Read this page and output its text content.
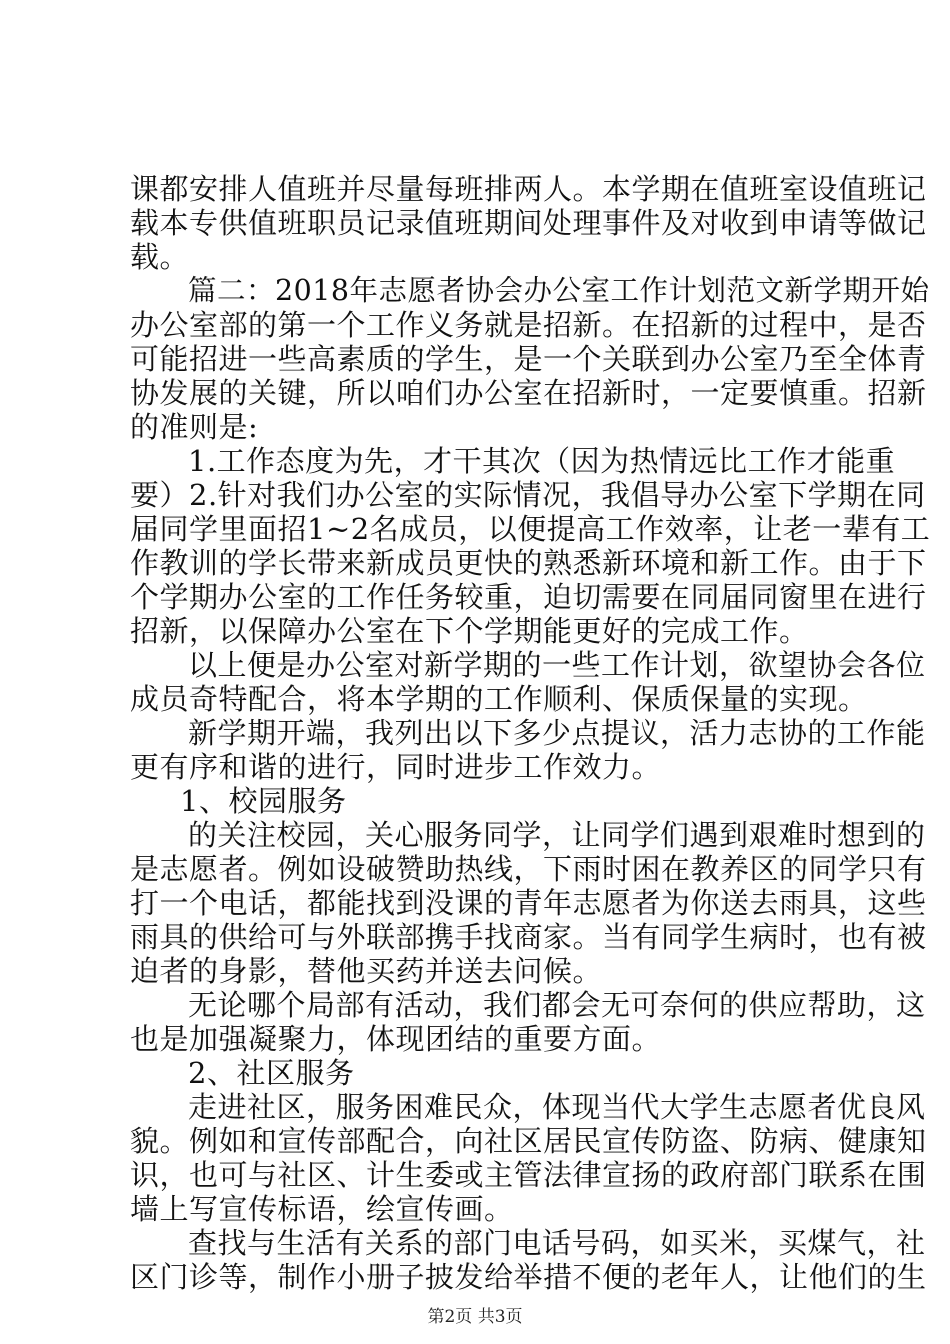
课都安排人值班并尽量每班排两人。本学期在值班室设值班记
载本专供值班职员记录值班期间处理事件及对收到申请等做记
载。
篇二：2018年志愿者协会办公室工作计划范文新学期开始
办公室部的第一个工作义务就是招新。在招新的过程中，是否
可能招进一些高素质的学生，是一个关联到办公室乃至全体青
协发展的关键，所以咱们办公室在招新时，一定要慎重。招新
的准则是:
1.工作态度为先，才干其次（因为热情远比工作才能重
要）2.针对我们办公室的实际情况，我倡导办公室下学期在同
届同学里面招1~2名成员，以便提高工作效率，让老一辈有工
作教训的学长带来新成员更快的熟悉新环境和新工作。由于下
个学期办公室的工作任务较重，迫切需要在同届同窗里在进行
招新，以保障办公室在下个学期能更好的完成工作。
以上便是办公室对新学期的一些工作计划，欲望协会各位
成员奇特配合，将本学期的工作顺利、保质保量的实现。
新学期开端，我列出以下多少点提议，活力志协的工作能
更有序和谐的进行，同时进步工作效力。
1、校园服务
的关注校园，关心服务同学，让同学们遇到艰难时想到的
是志愿者。例如设破赞助热线，下雨时困在教养区的同学只有
打一个电话，都能找到没课的青年志愿者为你送去雨具，这些
雨具的供给可与外联部携手找商家。当有同学生病时，也有被
迫者的身影，替他买药并送去问候。
无论哪个局部有活动，我们都会无可奈何的供应帮助，这
也是加强凝聚力，体现团结的重要方面。
2、社区服务
走进社区，服务困难民众，体现当代大学生志愿者优良风
貌。例如和宣传部配合，向社区居民宣传防盗、防病、健康知
识，也可与社区、计生委或主管法律宣扬的政府部门联系在围
墙上写宣传标语，绘宣传画。
查找与生活有关系的部门电话号码，如买米，买煤气，社
区门诊等，制作小册子披发给举措不便的老年人，让他们的生
第2页 共3页
